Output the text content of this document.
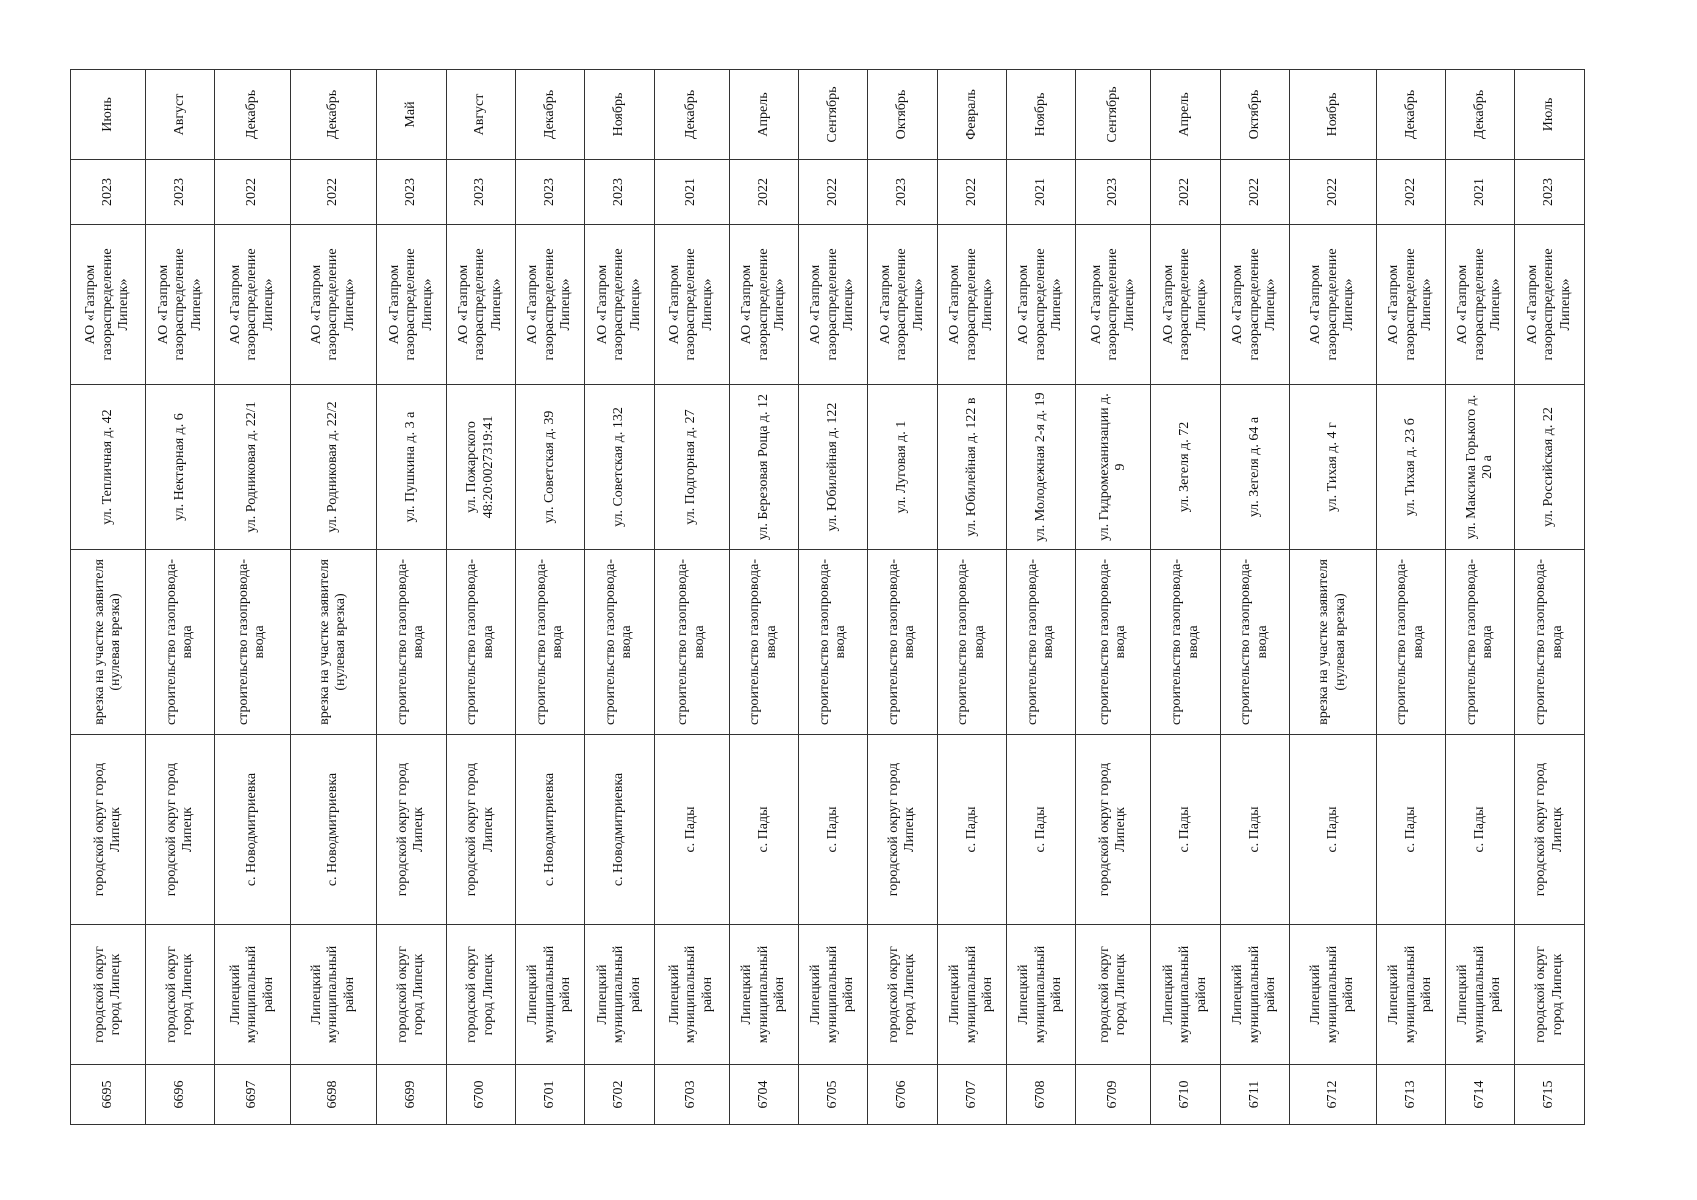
6695	городской округ город Липецк	городской округ город Липецк	врезка на участке заявителя (нулевая врезка)	ул. Тепличная д. 42	АО «Газпром газораспределение Липецк»	2023	Июнь
6696	городской округ город Липецк	городской округ город Липецк	строительство газопровода-ввода	ул. Нектарная д. 6	АО «Газпром газораспределение Липецк»	2023	Август
6697	Липецкий муниципальный район	с. Новодмитриевка	строительство газопровода-ввода	ул. Родниковая д. 22/1	АО «Газпром газораспределение Липецк»	2022	Декабрь
6698	Липецкий муниципальный район	с. Новодмитриевка	врезка на участке заявителя (нулевая врезка)	ул. Родниковая д. 22/2	АО «Газпром газораспределение Липецк»	2022	Декабрь
6699	городской округ город Липецк	городской округ город Липецк	строительство газопровода-ввода	ул. Пушкина д. 3 а	АО «Газпром газораспределение Липецк»	2023	Май
6700	городской округ город Липецк	городской округ город Липецк	строительство газопровода-ввода	ул. Пожарского 48:20:0027319:41	АО «Газпром газораспределение Липецк»	2023	Август
6701	Липецкий муниципальный район	с. Новодмитриевка	строительство газопровода-ввода	ул. Советская д. 39	АО «Газпром газораспределение Липецк»	2023	Декабрь
6702	Липецкий муниципальный район	с. Новодмитриевка	строительство газопровода-ввода	ул. Советская д. 132	АО «Газпром газораспределение Липецк»	2023	Ноябрь
6703	Липецкий муниципальный район	с. Пады	строительство газопровода-ввода	ул. Подгорная д. 27	АО «Газпром газораспределение Липецк»	2021	Декабрь
6704	Липецкий муниципальный район	с. Пады	строительство газопровода-ввода	ул. Березовая Роща д. 12	АО «Газпром газораспределение Липецк»	2022	Апрель
6705	Липецкий муниципальный район	с. Пады	строительство газопровода-ввода	ул. Юбилейная д. 122	АО «Газпром газораспределение Липецк»	2022	Сентябрь
6706	городской округ город Липецк	городской округ город Липецк	строительство газопровода-ввода	ул. Луговая д. 1	АО «Газпром газораспределение Липецк»	2023	Октябрь
6707	Липецкий муниципальный район	с. Пады	строительство газопровода-ввода	ул. Юбилейная д. 122 в	АО «Газпром газораспределение Липецк»	2022	Февраль
6708	Липецкий муниципальный район	с. Пады	строительство газопровода-ввода	ул. Молодежная 2-я д. 19	АО «Газпром газораспределение Липецк»	2021	Ноябрь
6709	городской округ город Липецк	городской округ город Липецк	строительство газопровода-ввода	ул. Гидромеханизации д. 9	АО «Газпром газораспределение Липецк»	2023	Сентябрь
6710	Липецкий муниципальный район	с. Пады	строительство газопровода-ввода	ул. Зегеля д. 72	АО «Газпром газораспределение Липецк»	2022	Апрель
6711	Липецкий муниципальный район	с. Пады	строительство газопровода-ввода	ул. Зегеля д. 64 а	АО «Газпром газораспределение Липецк»	2022	Октябрь
6712	Липецкий муниципальный район	с. Пады	врезка на участке заявителя (нулевая врезка)	ул. Тихая д. 4 г	АО «Газпром газораспределение Липецк»	2022	Ноябрь
6713	Липецкий муниципальный район	с. Пады	строительство газопровода-ввода	ул. Тихая д. 23 б	АО «Газпром газораспределение Липецк»	2022	Декабрь
6714	Липецкий муниципальный район	с. Пады	строительство газопровода-ввода	ул. Максима Горького д. 20 а	АО «Газпром газораспределение Липецк»	2021	Декабрь
6715	городской округ город Липецк	городской округ город Липецк	строительство газопровода-ввода	ул. Российская д. 22	АО «Газпром газораспределение Липецк»	2023	Июль
